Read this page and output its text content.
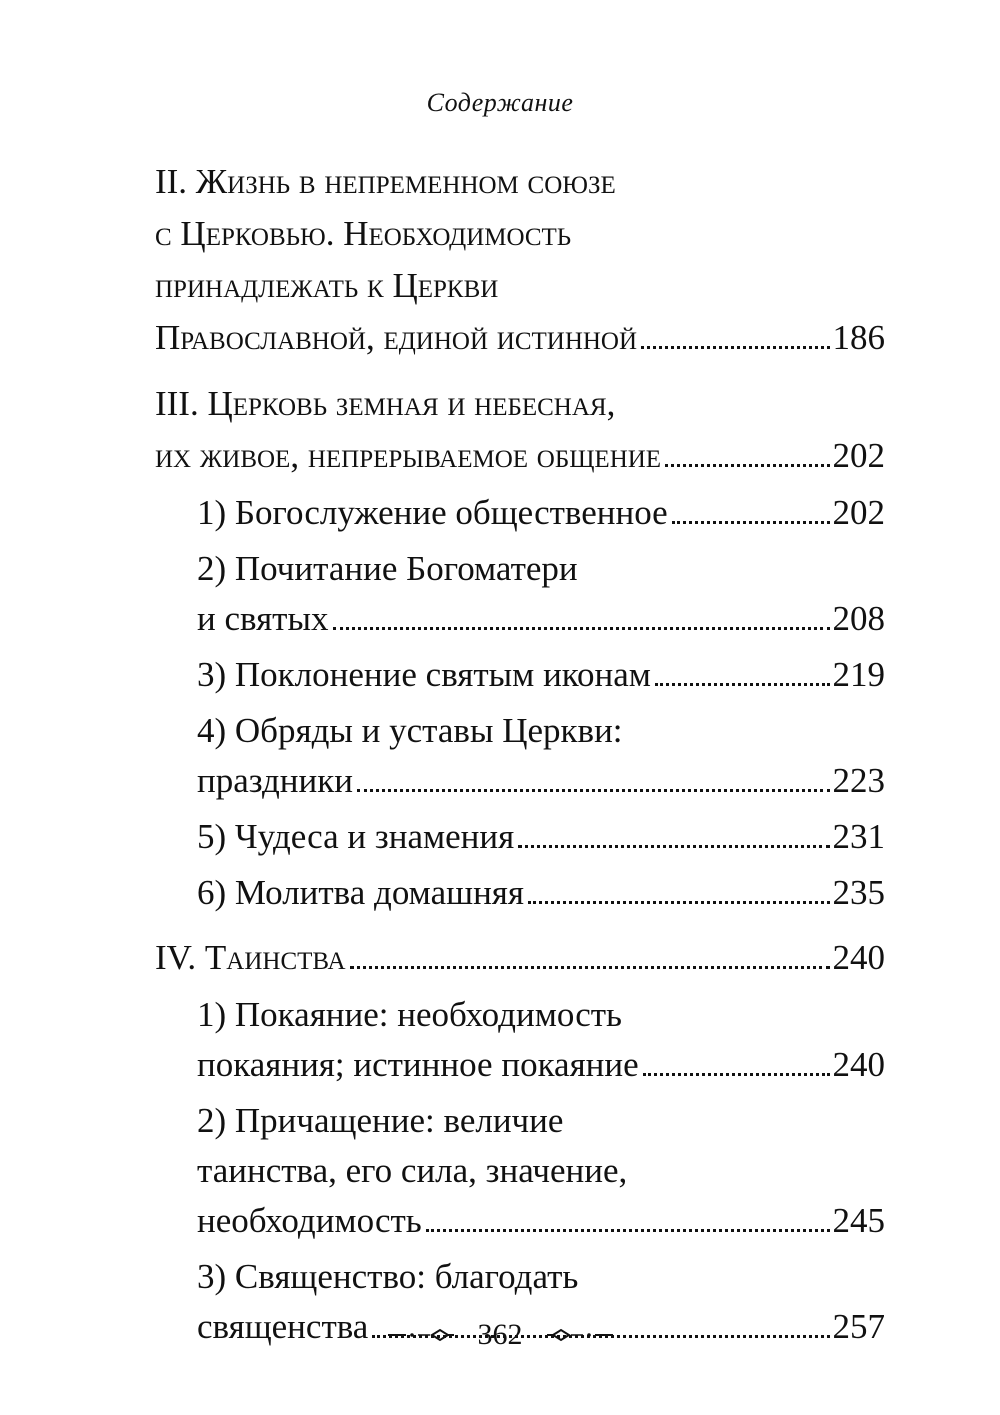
Содержание
II. Жизнь в непременном союзе
с Церковью. Необходимость
принадлежать к Церкви
Православной, единой истинной	186
III. Церковь земная и небесная,
их живое, непрерываемое общение	202
1) Богослужение общественное	202
2) Почитание Богоматери
и святых	208
3) Поклонение святым иконам	219
4) Обряды и уставы Церкви:
праздники	223
5) Чудеса и знамения	231
6) Молитва домашняя	235
IV. Таинства	240
1) Покаяние: необходимость
покаяния; истинное покаяние	240
2) Причащение: величие
таинства, его сила, значение,
необходимость	245
3) Священство: благодать
священства	257
362
